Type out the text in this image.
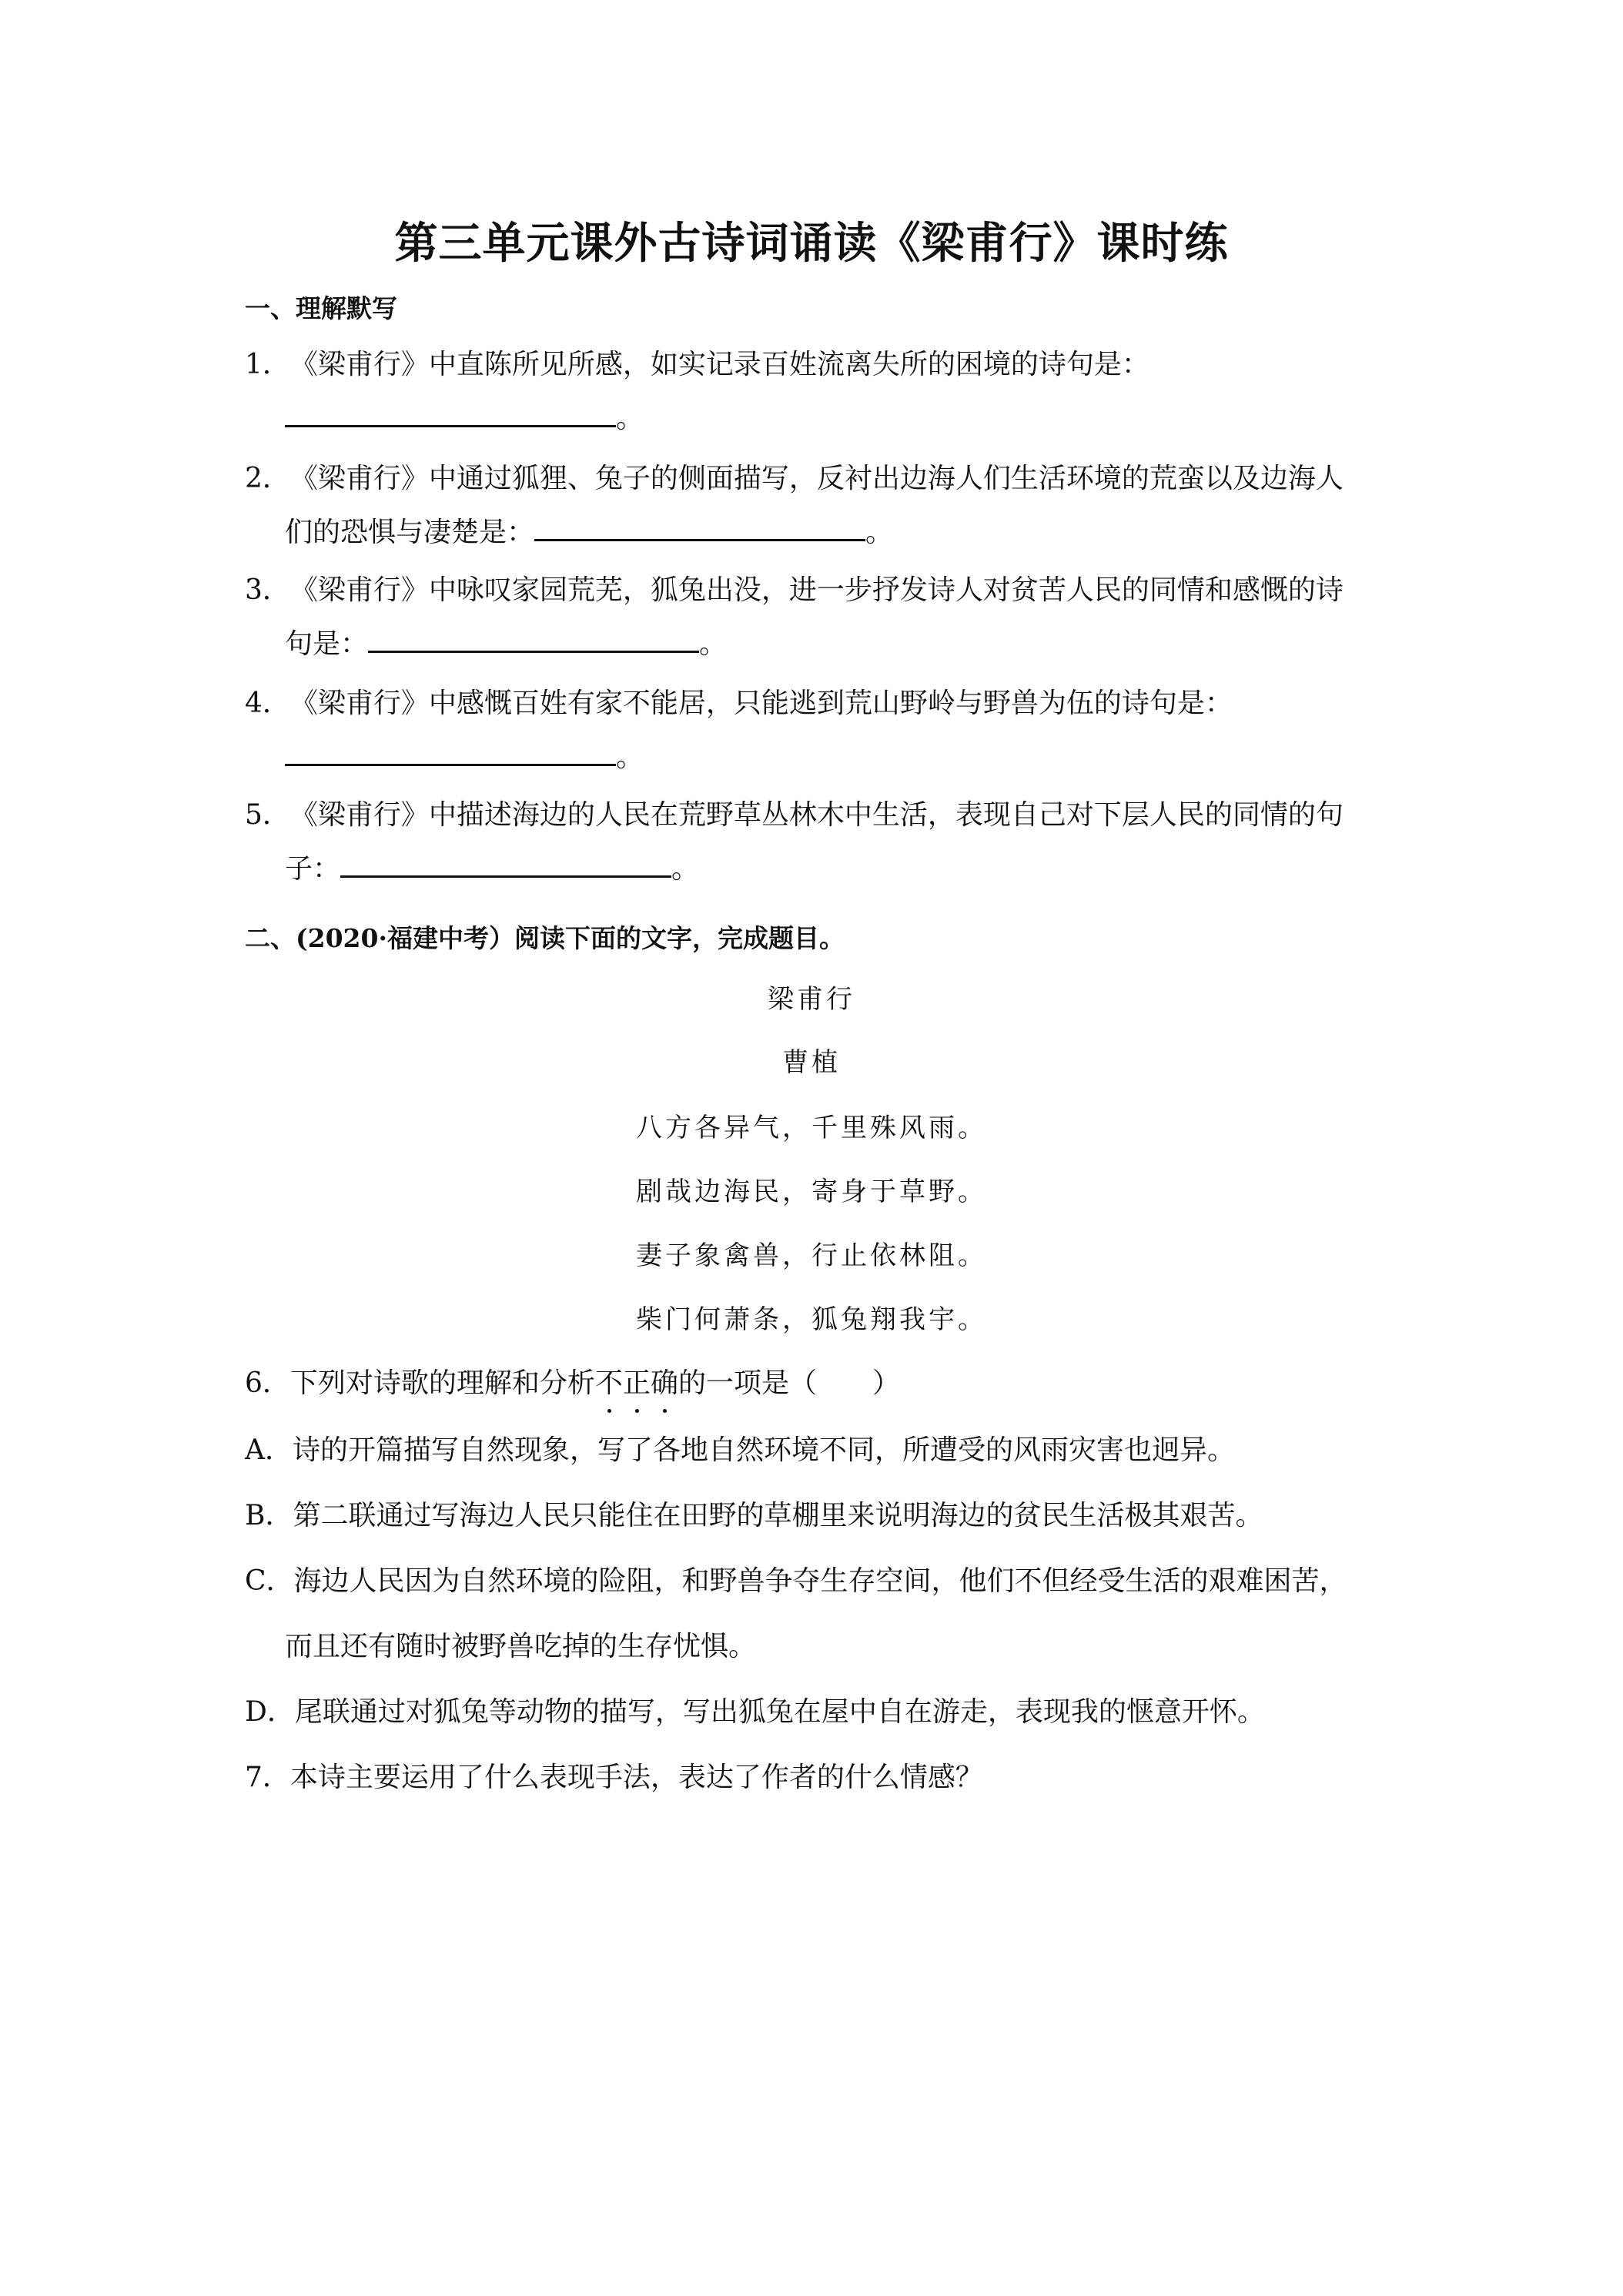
第三单元课外古诗词诵读《梁甫行》课时练
一、理解默写
1．《梁甫行》中直陈所见所感，如实记录百姓流离失所的困境的诗句是：
。
2．《梁甫行》中通过狐狸、兔子的侧面描写，反衬出边海人们生活环境的荒蛮以及边海人
们的恐惧与凄楚是：	。
3．《梁甫行》中咏叹家园荒芜，狐兔出没，进一步抒发诗人对贫苦人民的同情和感慨的诗
句是：	。
4．《梁甫行》中感慨百姓有家不能居，只能逃到荒山野岭与野兽为伍的诗句是：
。
5．《梁甫行》中描述海边的人民在荒野草丛林木中生活，表现自己对下层人民的同情的句
子：	。
二、(2020·福建中考）阅读下面的文字，完成题目。
梁甫行
曹植
八方各异气，千里殊风雨。
剧哉边海民，寄身于草野。
妻子象禽兽，行止依林阻。
柴门何萧条，狐兔翔我宇。
6．下列对诗歌的理解和分析不正确的一项是（　　）
A．诗的开篇描写自然现象，写了各地自然环境不同，所遭受的风雨灾害也迥异。
B．第二联通过写海边人民只能住在田野的草棚里来说明海边的贫民生活极其艰苦。
C．海边人民因为自然环境的险阻，和野兽争夺生存空间，他们不但经受生活的艰难困苦，
而且还有随时被野兽吃掉的生存忧惧。
D．尾联通过对狐兔等动物的描写，写出狐兔在屋中自在游走，表现我的惬意开怀。
7．本诗主要运用了什么表现手法，表达了作者的什么情感？
